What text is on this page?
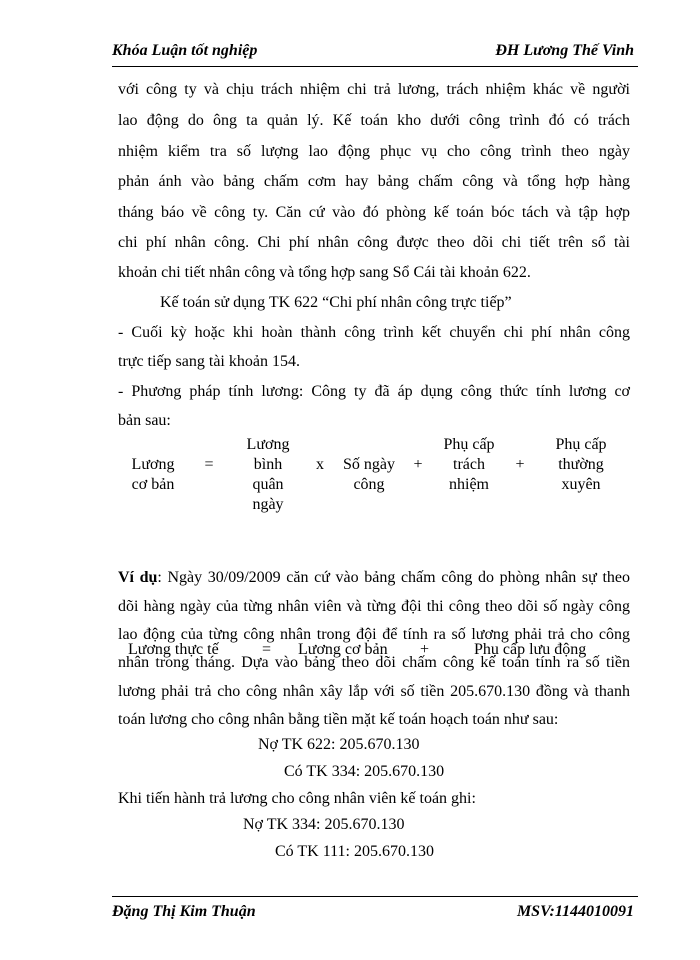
Khóa Luận tốt nghiệp	ĐH Lương Thế Vinh
với công ty và chịu trách nhiệm chi trả lương, trách nhiệm khác về người
lao động do ông ta quản lý. Kế toán kho dưới công trình đó có trách
nhiệm kiểm tra số lượng lao động phục vụ cho công trình theo ngày
phản ánh vào bảng chấm cơm hay bảng chấm công và tổng hợp hàng
tháng báo về công ty. Căn cứ vào đó phòng kế toán bóc tách và tập hợp
chi phí nhân công. Chi phí nhân công được theo dõi chi tiết trên sổ tài
khoản chi tiết nhân công và tổng hợp sang Sổ Cái tài khoản 622.
Kế toán sử dụng TK 622 “Chi phí nhân công trực tiếp”
- Cuối kỳ hoặc khi hoàn thành công trình kết chuyển chi phí nhân công
trực tiếp sang tài khoản 154.
- Phương pháp tính lương: Công ty đã áp dụng công thức tính lương cơ
bản sau:
Lương
cơ bản
=
Lương
bình
quân
ngày
x	Số ngày
công
+
Phụ cấp
trách
nhiệm
+
Phụ cấp
thường
xuyên
Ví dụ: Ngày 30/09/2009 căn cứ vào bảng chấm công do phòng nhân sự theo
dõi hàng ngày của từng nhân viên và từng đội thi công theo dõi số ngày công
lao động của từng công nhân trong đội để tính ra số lương phải trả cho công
nhân trong tháng. Dựa vào bảng theo dõi chấm công kế toán tính ra số tiền
lương phải trả cho công nhân xây lắp với số tiền 205.670.130 đồng và thanh
toán lương cho công nhân bằng tiền mặt kế toán hoạch toán như sau:
Lương thực tế	= Lương cơ bản +	Phụ cấp lưu động
Nợ TK 622: 205.670.130
Có TK 334: 205.670.130
Khi tiến hành trả lương cho công nhân viên kế toán ghi:
Nợ TK 334: 205.670.130
Có TK 111: 205.670.130
Đặng Thị Kim Thuận	MSV:1144010091
